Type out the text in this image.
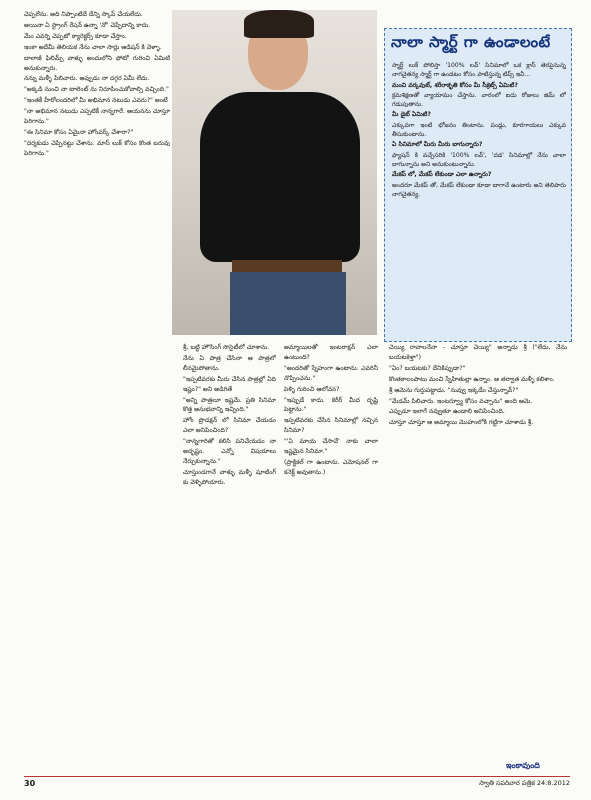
చెప్పలేను. అది నిప్పాంటిదే దేన్ని స్కాప్ చేయలేదు.

అయినా ఏ స్ట్రాంగ్ రేషన్ ఉన్నా 'నో' చెప్పేదాన్ని కాదు.

మేం ఎవర్ని చెప్పటో క్యారెక్టర్స్ కూడా చేస్తాం.

ఇంకా అదేమీ తెలియక నేను చాలా సార్లు ఆడిషన్ కి వెళ్ళా.

బాలాజీ ఫిలిమ్స్ వాళ్ళు అందులోని ఫోటో గురించి ఏమిటి అనుకున్నారు.

నన్ను మళ్ళీ పిలిచారు. అప్పుడు నా దగ్గర ఏమీ లేదు.

"అక్కడి నుంచి నా టాలెంట్ ను నిరూపించుకోవాల్సి వచ్చింది."

"ఇంతకీ హీరోలందరిలో మీ అభిమాన నటుడు ఎవరు?" అంటే

"నా అభిమాన నటుడు ఎప్పటికీ నాన్నగారే. ఆయనను చూస్తూ పెరిగాను."

"ఈ సినిమా కోసం ఏమైనా హోంవర్క్ చేశారా?"

"దర్శకుడు చెప్పినట్టు చేశాను. మాస్ లుక్ కోసం కొంత బరువు పెరిగాను."

నాలా స్మార్ట్ గా ఉండాలంటే

స్మార్ట్ లుక్ పోలిస్తా '100% లవ్' సినిమాలో ఒక క్లాస్ తెరపైనున్న నాగచైతన్య స్మార్ట్ గా ఉండటం కోసం పాటిస్తున్న టిప్స్ ఇవీ...

మంచి వర్కవుట్, శరీరాకృతి కోసం మీ సీక్రెట్స్ ఏమిటి?

క్రమశిక్షణతో వ్యాయామం చేస్తాను. వారంలో ఐదు రోజులు జిమ్ లో గడుపుతాను.

మీ డైట్ ఏమిటి?

ఎక్కువగా ఇంటి భోజనం తింటాను. పండ్లు, కూరగాయలు ఎక్కువ తీసుకుంటాను.

ఏ సినిమాలో మీరు మీరు బాగున్నారు?

ఫ్యాషన్ కి వచ్చేసరికి '100% లవ్', 'దడ' సినిమాల్లో నేను చాలా బాగున్నాను అని అనుకుంటున్నాను.

మేకప్ లో, మేకప్ లేకుండా ఎలా ఉన్నారు?

అందరూ మేకప్ తో, మేకప్ లేకుండా కూడా బాగానే ఉంటారు అని తెలిపారు నాగచైతన్య.

శ్రీ, బట్టి హౌసింగ్ సొసైటీలో చూశాను.

నేను ఏ పాత్ర చేసినా ఆ పాత్రలో లీనమైపోతాను.

"ఇప్పటివరకు మీరు చేసిన పాత్రల్లో ఏది ఇష్టం?" అని అడిగితే

"అన్ని పాత్రలూ ఇష్టమే. ప్రతి సినిమా కొత్త అనుభవాన్ని ఇచ్చింది."

హోం ప్రొడక్షన్ లో సినిమా చేయడం ఎలా అనిపించింది?

"నాన్నగారితో కలిసి పనిచేయడం నా అదృష్టం. ఎన్నో విషయాలు నేర్చుకున్నాను."

చూస్తుండగానే వాళ్ళు మళ్ళీ షూటింగ్ కు వెళ్ళిపోయారు.

అమ్మాయిలతో ఇంటరాక్షన్ ఎలా ఉంటుంది?

"అందరితో స్నేహంగా ఉంటాను. ఎవరినీ నొప్పించను."

పెళ్ళి గురించి ఆలోచన?

"ఇప్పుడే కాదు. కెరీర్ మీద దృష్టి పెట్టాను."

ఇప్పటివరకు చేసిన సినిమాల్లో నచ్చిన సినిమా?

"'ఏ మాయ చేసావే' నాకు చాలా ఇష్టమైన సినిమా."

(ప్రాక్టికల్ గా ఉంటాను. ఎమోషనల్ గా కనెక్ట్ అవుతాను.)

చెయ్యి రావాలనేనా - చూస్తూ చెయ్యి" అన్నాడు శ్రీ ("లేదు, నేను బయటకెళ్తా")

"ఏం? బయటకు? దేనికిప్పుడా?"

కొంతకాలంపాటు మంచి స్నేహితుల్లా ఉన్నాం. ఆ తర్వాత మళ్ళీ కలిశాం.

శ్రీ ఆమెను గుర్తుపట్టాడు. "నువ్వు ఇక్కడేం చేస్తున్నావ్?"

"మేడమ్ పిలిచారు. ఇంటర్వ్యూ కోసం వచ్చాను" అంది ఆమె.

ఎప్పుడూ ఇలాగే నవ్వుతూ ఉండాలి అనిపించింది.

చూస్తూ చూస్తూ ఆ అమ్మాయి మొహంలోకి గట్టిగా చూశాడు శ్రీ.

ఇంకావుంది
30	స్వాతి సపరివార పత్రిక 24.8.2012
